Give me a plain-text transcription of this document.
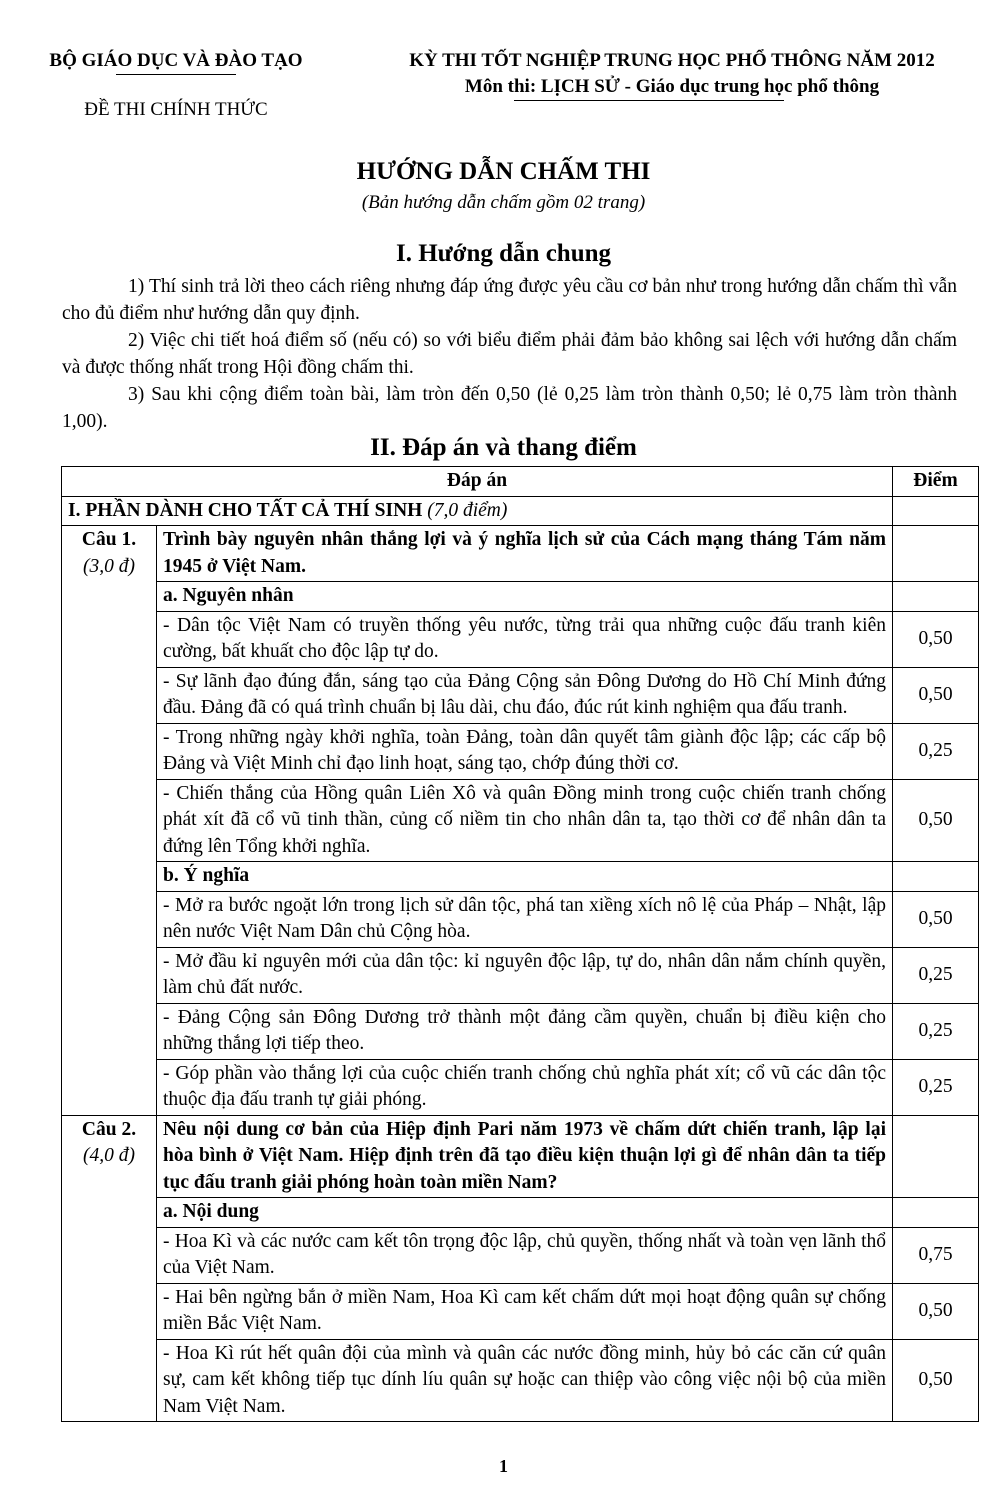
BỘ GIÁO DỤC VÀ ĐÀO TẠO
ĐỀ THI CHÍNH THỨC
KỲ THI TỐT NGHIỆP TRUNG HỌC PHỔ THÔNG NĂM 2012
Môn thi: LỊCH SỬ - Giáo dục trung học phổ thông
HƯỚNG DẪN CHẤM THI
(Bản hướng dẫn chấm gồm 02 trang)
I. Hướng dẫn chung
1) Thí sinh trả lời theo cách riêng nhưng đáp ứng được yêu cầu cơ bản như trong hướng dẫn chấm thì vẫn cho đủ điểm như hướng dẫn quy định.
2) Việc chi tiết hoá điểm số (nếu có) so với biểu điểm phải đảm bảo không sai lệch với hướng dẫn chấm và được thống nhất trong Hội đồng chấm thi.
3) Sau khi cộng điểm toàn bài, làm tròn đến 0,50 (lẻ 0,25 làm tròn thành 0,50; lẻ 0,75 làm tròn thành 1,00).
II. Đáp án và thang điểm
Đáp án		Điểm
I. PHẦN DÀNH CHO TẤT CẢ THÍ SINH (7,0 điểm)		
Câu 1.
(3,0 đ)	Trình bày nguyên nhân thắng lợi và ý nghĩa lịch sử của Cách mạng tháng Tám năm 1945 ở Việt Nam.	
	a. Nguyên nhân	
	- Dân tộc Việt Nam có truyền thống yêu nước, từng trải qua những cuộc đấu tranh kiên cường, bất khuất cho độc lập tự do.	0,50
	- Sự lãnh đạo đúng đắn, sáng tạo của Đảng Cộng sản Đông Dương do Hồ Chí Minh đứng đầu. Đảng đã có quá trình chuẩn bị lâu dài, chu đáo, đúc rút kinh nghiệm qua đấu tranh.	0,50
	- Trong những ngày khởi nghĩa, toàn Đảng, toàn dân quyết tâm giành độc lập; các cấp bộ Đảng và Việt Minh chỉ đạo linh hoạt, sáng tạo, chớp đúng thời cơ.	0,25
	- Chiến thắng của Hồng quân Liên Xô và quân Đồng minh trong cuộc chiến tranh chống phát xít đã cổ vũ tinh thần, củng cố niềm tin cho nhân dân ta, tạo thời cơ để nhân dân ta đứng lên Tổng khởi nghĩa.	0,50
	b. Ý nghĩa	
	- Mở ra bước ngoặt lớn trong lịch sử dân tộc, phá tan xiềng xích nô lệ của Pháp – Nhật, lập nên nước Việt Nam Dân chủ Cộng hòa.	0,50
	- Mở đầu kỉ nguyên mới của dân tộc: kỉ nguyên độc lập, tự do, nhân dân nắm chính quyền, làm chủ đất nước.	0,25
	- Đảng Cộng sản Đông Dương trở thành một đảng cầm quyền, chuẩn bị điều kiện cho những thắng lợi tiếp theo.	0,25
	- Góp phần vào thắng lợi của cuộc chiến tranh chống chủ nghĩa phát xít; cổ vũ các dân tộc thuộc địa đấu tranh tự giải phóng.	0,25
Câu 2.
(4,0 đ)	Nêu nội dung cơ bản của Hiệp định Pari năm 1973 về chấm dứt chiến tranh, lập lại hòa bình ở Việt Nam. Hiệp định trên đã tạo điều kiện thuận lợi gì để nhân dân ta tiếp tục đấu tranh giải phóng hoàn toàn miền Nam?	
	a. Nội dung	
	- Hoa Kì và các nước cam kết tôn trọng độc lập, chủ quyền, thống nhất và toàn vẹn lãnh thổ của Việt Nam.	0,75
	- Hai bên ngừng bắn ở miền Nam, Hoa Kì cam kết chấm dứt mọi hoạt động quân sự chống miền Bắc Việt Nam.	0,50
	- Hoa Kì rút hết quân đội của mình và quân các nước đồng minh, hủy bỏ các căn cứ quân sự, cam kết không tiếp tục dính líu quân sự hoặc can thiệp vào công việc nội bộ của miền Nam Việt Nam.	0,50
1
